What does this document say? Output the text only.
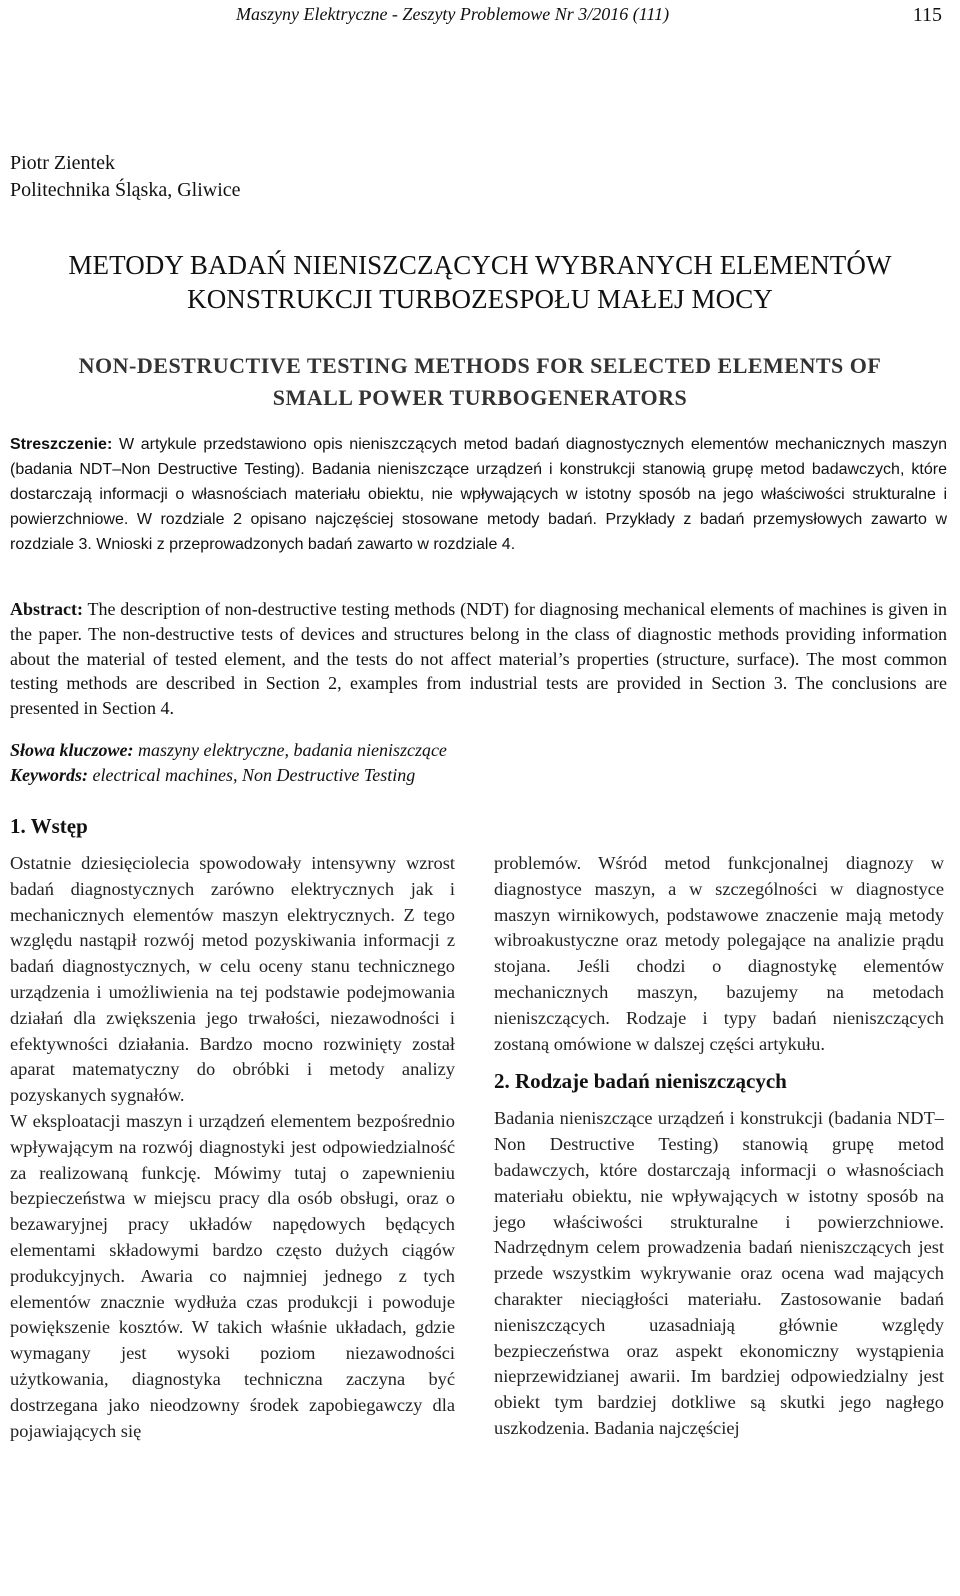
Maszyny Elektryczne - Zeszyty Problemowe Nr 3/2016 (111)	115
Piotr Zientek
Politechnika Śląska, Gliwice
METODY BADAŃ NIENISZCZĄCYCH WYBRANYCH ELEMENTÓW
KONSTRUKCJI TURBOZESPOŁU MAŁEJ MOCY
NON-DESTRUCTIVE TESTING METHODS FOR SELECTED ELEMENTS OF
SMALL POWER TURBOGENERATORS
Streszczenie: W artykule przedstawiono opis nieniszczących metod badań diagnostycznych elementów mechanicznych maszyn (badania NDT–Non Destructive Testing). Badania nieniszczące urządzeń i konstrukcji stanowią grupę metod badawczych, które dostarczają informacji o własnościach materiału obiektu, nie wpływających w istotny sposób na jego właściwości strukturalne i powierzchniowe. W rozdziale 2 opisano najczęściej stosowane metody badań. Przykłady z badań przemysłowych zawarto w rozdziale 3. Wnioski z przeprowadzonych badań zawarto w rozdziale 4.
Abstract: The description of non-destructive testing methods (NDT) for diagnosing mechanical elements of machines is given in the paper. The non-destructive tests of devices and structures belong in the class of diagnostic methods providing information about the material of tested element, and the tests do not affect material’s properties (structure, surface). The most common testing methods are described in Section 2, examples from industrial tests are provided in Section 3. The conclusions are presented in Section 4.
Słowa kluczowe: maszyny elektryczne, badania nieniszczące
Keywords: electrical machines, Non Destructive Testing
1. Wstęp

Ostatnie dziesięciolecia spowodowały intensywny wzrost badań diagnostycznych zarówno elektrycznych jak i mechanicznych elementów maszyn elektrycznych. Z tego względu nastąpił rozwój metod pozyskiwania informacji z badań diagnostycznych, w celu oceny stanu technicznego urządzenia i umożliwienia na tej podstawie podejmowania działań dla zwiększenia jego trwałości, niezawodności i efektywności działania. Bardzo mocno rozwinięty został aparat matematyczny do obróbki i metody analizy pozyskanych sygnałów.

W eksploatacji maszyn i urządzeń elementem bezpośrednio wpływającym na rozwój diagnostyki jest odpowiedzialność za realizowaną funkcję. Mówimy tutaj o zapewnieniu bezpieczeństwa w miejscu pracy dla osób obsługi, oraz o bezawaryjnej pracy układów napędowych będących elementami składowymi bardzo często dużych ciągów produkcyjnych. Awaria co najmniej jednego z tych elementów znacznie wydłuża czas produkcji i powoduje powiększenie kosztów. W takich właśnie układach, gdzie wymagany jest wysoki poziom niezawodności użytkowania, diagnostyka techniczna zaczyna być dostrzegana jako nieodzowny środek zapobiegawczy dla pojawiających się

problemów. Wśród metod funkcjonalnej diagnozy w diagnostyce maszyn, a w szczególności w diagnostyce maszyn wirnikowych, podstawowe znaczenie mają metody wibroakustyczne oraz metody polegające na analizie prądu stojana. Jeśli chodzi o diagnostykę elementów mechanicznych maszyn, bazujemy na metodach nieniszczących. Rodzaje i typy badań nieniszczących zostaną omówione w dalszej części artykułu.

2. Rodzaje badań nieniszczących

Badania nieniszczące urządzeń i konstrukcji (badania NDT–Non Destructive Testing) stanowią grupę metod badawczych, które dostarczają informacji o własnościach materiału obiektu, nie wpływających w istotny sposób na jego właściwości strukturalne i powierzchniowe. Nadrzędnym celem prowadzenia badań nieniszczących jest przede wszystkim wykrywanie oraz ocena wad mających charakter nieciągłości materiału. Zastosowanie badań nieniszczących uzasadniają głównie względy bezpieczeństwa oraz aspekt ekonomiczny wystąpienia nieprzewidzianej awarii. Im bardziej odpowiedzialny jest obiekt tym bardziej dotkliwe są skutki jego nagłego uszkodzenia. Badania najczęściej
